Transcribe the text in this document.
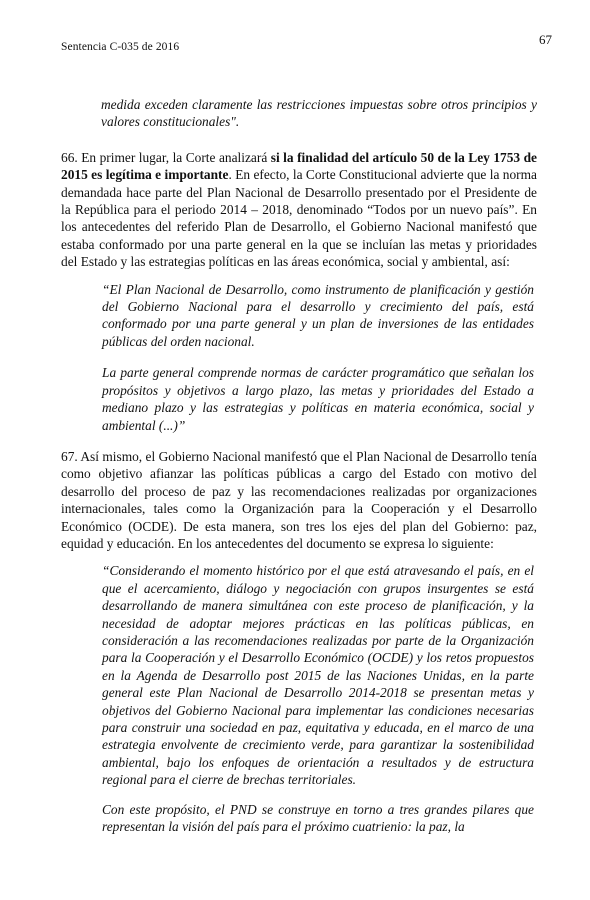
Sentencia C-035 de 2016	67

medida exceden claramente las restricciones impuestas sobre otros principios y valores constitucionales".

66. En primer lugar, la Corte analizará si la finalidad del artículo 50 de la Ley 1753 de 2015 es legítima e importante. En efecto, la Corte Constitucional advierte que la norma demandada hace parte del Plan Nacional de Desarrollo presentado por el Presidente de la República para el periodo 2014 – 2018, denominado “Todos por un nuevo país”. En los antecedentes del referido Plan de Desarrollo, el Gobierno Nacional manifestó que estaba conformado por una parte general en la que se incluían las metas y prioridades del Estado y las estrategias políticas en las áreas económica, social y ambiental, así:

“El Plan Nacional de Desarrollo, como instrumento de planificación y gestión del Gobierno Nacional para el desarrollo y crecimiento del país, está conformado por una parte general y un plan de inversiones de las entidades públicas del orden nacional.

La parte general comprende normas de carácter programático que señalan los propósitos y objetivos a largo plazo, las metas y prioridades del Estado a mediano plazo y las estrategias y políticas en materia económica, social y ambiental (...)”

67. Así mismo, el Gobierno Nacional manifestó que el Plan Nacional de Desarrollo tenía como objetivo afianzar las políticas públicas a cargo del Estado con motivo del desarrollo del proceso de paz y las recomendaciones realizadas por organizaciones internacionales, tales como la Organización para la Cooperación y el Desarrollo Económico (OCDE). De esta manera, son tres los ejes del plan del Gobierno: paz, equidad y educación. En los antecedentes del documento se expresa lo siguiente:

“Considerando el momento histórico por el que está atravesando el país, en el que el acercamiento, diálogo y negociación con grupos insurgentes se está desarrollando de manera simultánea con este proceso de planificación, y la necesidad de adoptar mejores prácticas en las políticas públicas, en consideración a las recomendaciones realizadas por parte de la Organización para la Cooperación y el Desarrollo Económico (OCDE) y los retos propuestos en la Agenda de Desarrollo post 2015 de las Naciones Unidas, en la parte general este Plan Nacional de Desarrollo 2014-2018 se presentan metas y objetivos del Gobierno Nacional para implementar las condiciones necesarias para construir una sociedad en paz, equitativa y educada, en el marco de una estrategia envolvente de crecimiento verde, para garantizar la sostenibilidad ambiental, bajo los enfoques de orientación a resultados y de estructura regional para el cierre de brechas territoriales.

Con este propósito, el PND se construye en torno a tres grandes pilares que representan la visión del país para el próximo cuatrienio: la paz, la
